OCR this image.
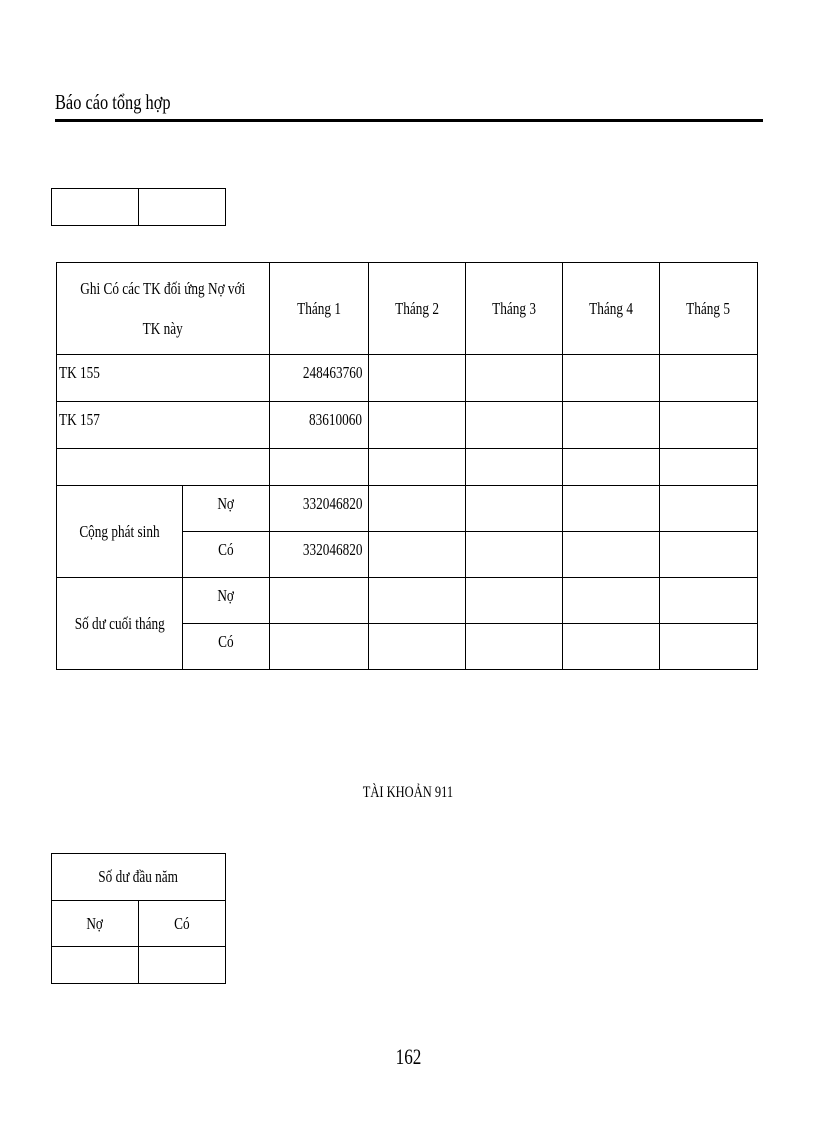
Báo cáo tổng hợp

Ghi Có các TK đối ứng Nợ với
TK này		Tháng 1	Tháng 2	Tháng 3	Tháng 4	Tháng 5
TK 155		248463760				
TK 157		83610060				

Cộng phát sinh	Nợ	332046820				
	Có	332046820				
Số dư cuối tháng	Nợ					
	Có					
TÀI KHOẢN 911
Số dư đầu năm	
Nợ	Có

162
